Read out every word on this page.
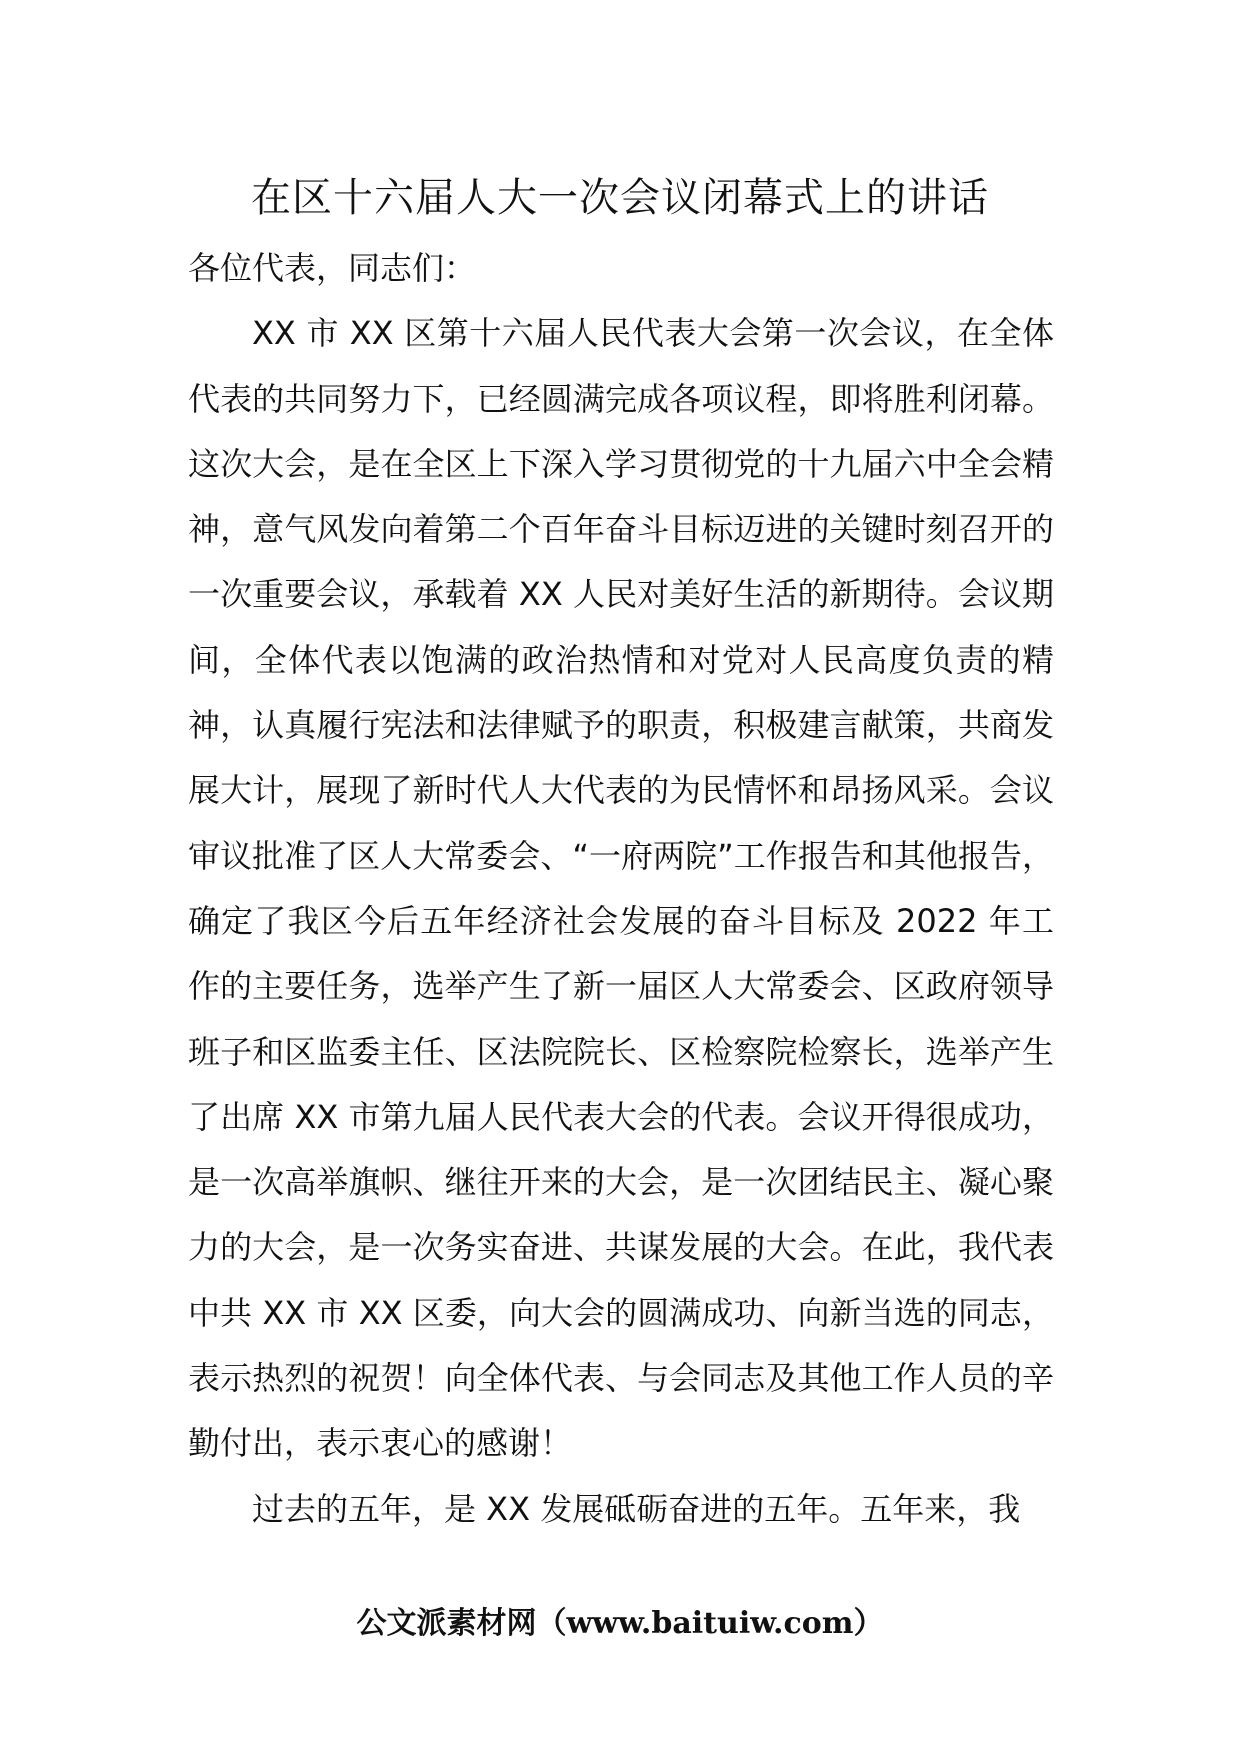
在区十六届人大一次会议闭幕式上的讲话

各位代表，同志们：

XX 市 XX 区第十六届人民代表大会第一次会议，在全体代表的共同努力下，已经圆满完成各项议程，即将胜利闭幕。这次大会，是在全区上下深入学习贯彻党的十九届六中全会精神，意气风发向着第二个百年奋斗目标迈进的关键时刻召开的一次重要会议，承载着 XX 人民对美好生活的新期待。会议期间，全体代表以饱满的政治热情和对党对人民高度负责的精神，认真履行宪法和法律赋予的职责，积极建言献策，共商发展大计，展现了新时代人大代表的为民情怀和昂扬风采。会议审议批准了区人大常委会、“一府两院”工作报告和其他报告，确定了我区今后五年经济社会发展的奋斗目标及 2022 年工作的主要任务，选举产生了新一届区人大常委会、区政府领导班子和区监委主任、区法院院长、区检察院检察长，选举产生了出席 XX 市第九届人民代表大会的代表。会议开得很成功，是一次高举旗帜、继往开来的大会，是一次团结民主、凝心聚力的大会，是一次务实奋进、共谋发展的大会。在此，我代表中共 XX 市 XX 区委，向大会的圆满成功、向新当选的同志，表示热烈的祝贺！向全体代表、与会同志及其他工作人员的辛勤付出，表示衷心的感谢！

过去的五年，是 XX 发展砥砺奋进的五年。五年来，我

公文派素材网（www.baituiw.com）
